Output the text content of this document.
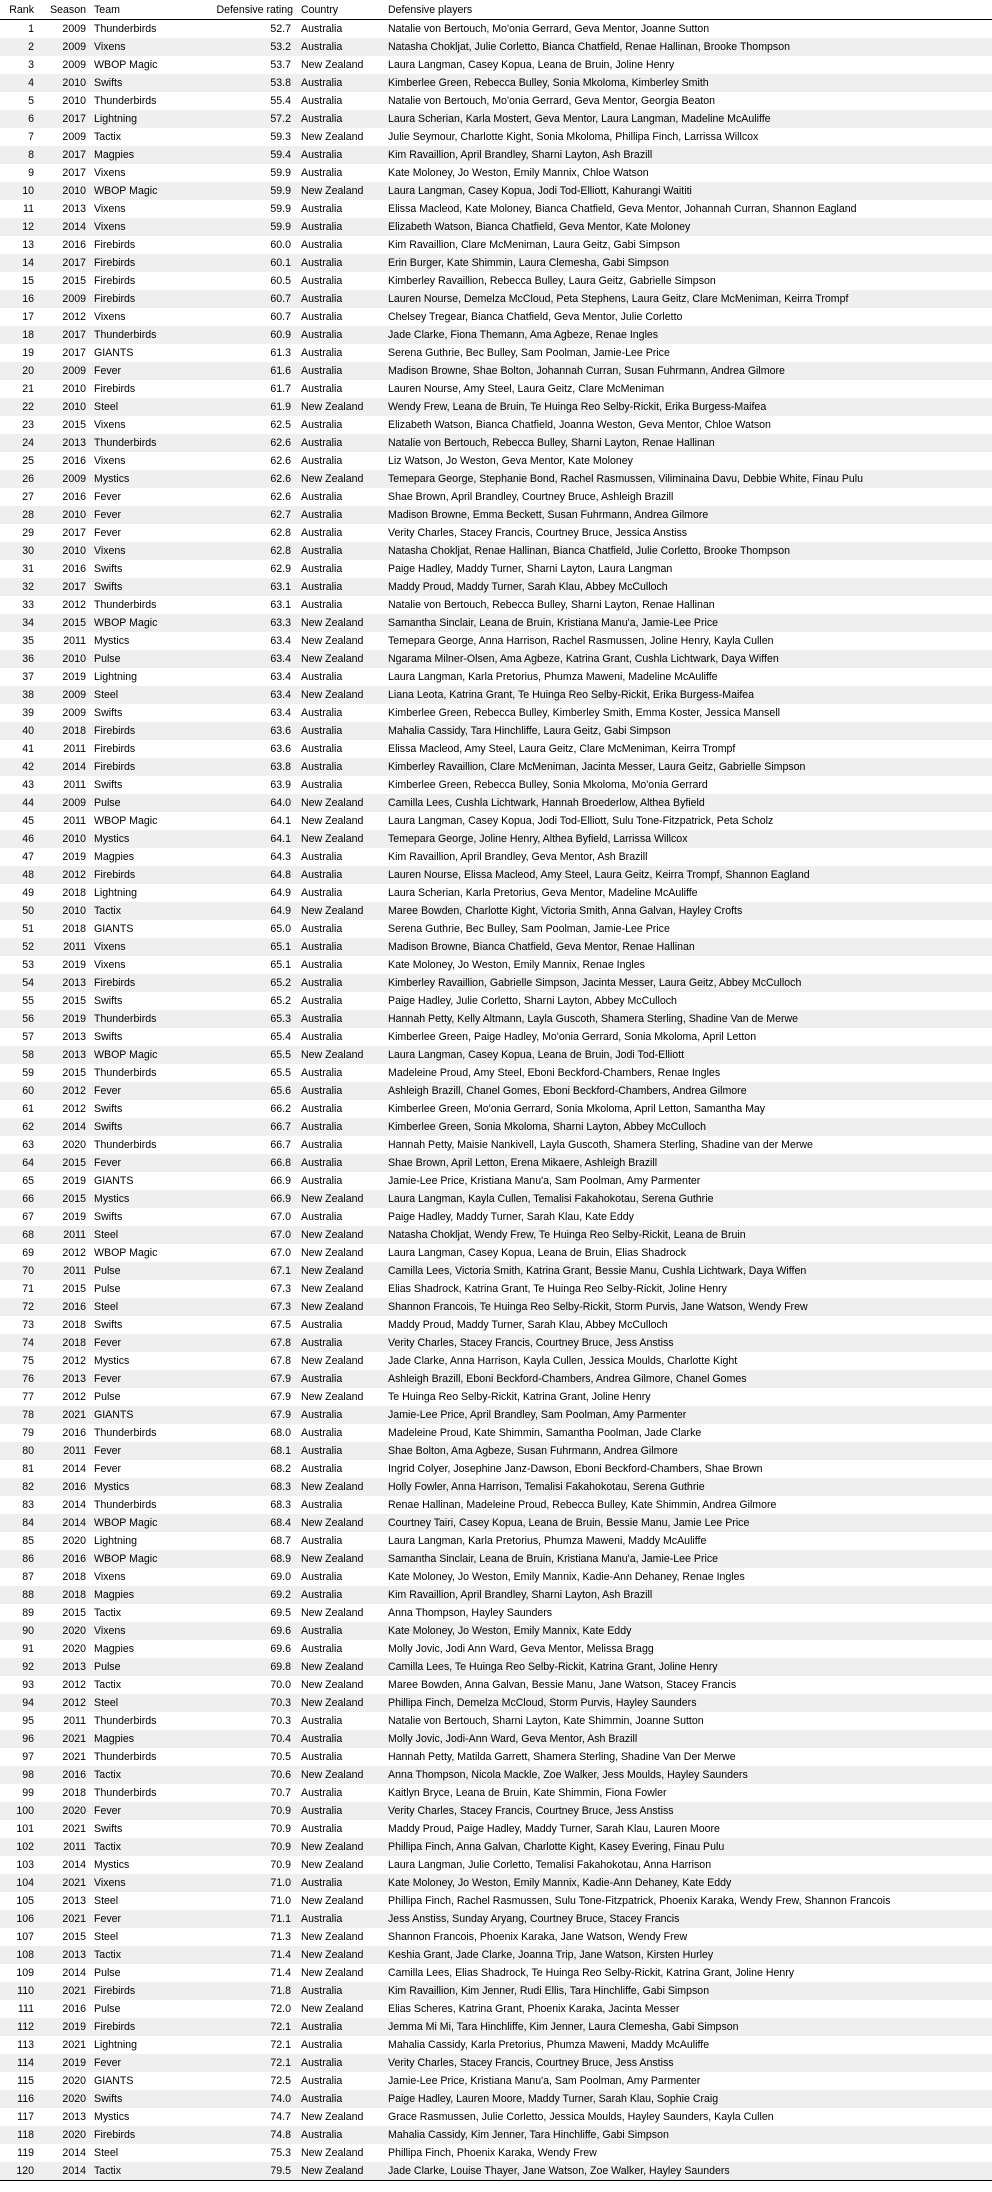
Rank	Season	Team	Defensive rating	Country	Defensive players
1	2009	Thunderbirds	52.7	Australia	Natalie von Bertouch, Mo'onia Gerrard, Geva Mentor, Joanne Sutton
2	2009	Vixens	53.2	Australia	Natasha Chokljat, Julie Corletto, Bianca Chatfield, Renae Hallinan, Brooke Thompson
3	2009	WBOP Magic	53.7	New Zealand	Laura Langman, Casey Kopua, Leana de Bruin, Joline Henry
4	2010	Swifts	53.8	Australia	Kimberlee Green, Rebecca Bulley, Sonia Mkoloma, Kimberley Smith
5	2010	Thunderbirds	55.4	Australia	Natalie von Bertouch, Mo'onia Gerrard, Geva Mentor, Georgia Beaton
6	2017	Lightning	57.2	Australia	Laura Scherian, Karla Mostert, Geva Mentor, Laura Langman, Madeline McAuliffe
7	2009	Tactix	59.3	New Zealand	Julie Seymour, Charlotte Kight, Sonia Mkoloma, Phillipa Finch, Larrissa Willcox
8	2017	Magpies	59.4	Australia	Kim Ravaillion, April Brandley, Sharni Layton, Ash Brazill
9	2017	Vixens	59.9	Australia	Kate Moloney, Jo Weston, Emily Mannix, Chloe Watson
10	2010	WBOP Magic	59.9	New Zealand	Laura Langman, Casey Kopua, Jodi Tod-Elliott, Kahurangi Waititi
11	2013	Vixens	59.9	Australia	Elissa Macleod, Kate Moloney, Bianca Chatfield, Geva Mentor, Johannah Curran, Shannon Eagland
12	2014	Vixens	59.9	Australia	Elizabeth Watson, Bianca Chatfield, Geva Mentor, Kate Moloney
13	2016	Firebirds	60.0	Australia	Kim Ravaillion, Clare McMeniman, Laura Geitz, Gabi Simpson
14	2017	Firebirds	60.1	Australia	Erin Burger, Kate Shimmin, Laura Clemesha, Gabi Simpson
15	2015	Firebirds	60.5	Australia	Kimberley Ravaillion, Rebecca Bulley, Laura Geitz, Gabrielle Simpson
16	2009	Firebirds	60.7	Australia	Lauren Nourse, Demelza McCloud, Peta Stephens, Laura Geitz, Clare McMeniman, Keirra Trompf
17	2012	Vixens	60.7	Australia	Chelsey Tregear, Bianca Chatfield, Geva Mentor, Julie Corletto
18	2017	Thunderbirds	60.9	Australia	Jade Clarke, Fiona Themann, Ama Agbeze, Renae Ingles
19	2017	GIANTS	61.3	Australia	Serena Guthrie, Bec Bulley, Sam Poolman, Jamie-Lee Price
20	2009	Fever	61.6	Australia	Madison Browne, Shae Bolton, Johannah Curran, Susan Fuhrmann, Andrea Gilmore
21	2010	Firebirds	61.7	Australia	Lauren Nourse, Amy Steel, Laura Geitz, Clare McMeniman
22	2010	Steel	61.9	New Zealand	Wendy Frew, Leana de Bruin, Te Huinga Reo Selby-Rickit, Erika Burgess-Maifea
23	2015	Vixens	62.5	Australia	Elizabeth Watson, Bianca Chatfield, Joanna Weston, Geva Mentor, Chloe Watson
24	2013	Thunderbirds	62.6	Australia	Natalie von Bertouch, Rebecca Bulley, Sharni Layton, Renae Hallinan
25	2016	Vixens	62.6	Australia	Liz Watson, Jo Weston, Geva Mentor, Kate Moloney
26	2009	Mystics	62.6	New Zealand	Temepara George, Stephanie Bond, Rachel Rasmussen, Viliminaina Davu, Debbie White, Finau Pulu
27	2016	Fever	62.6	Australia	Shae Brown, April Brandley, Courtney Bruce, Ashleigh Brazill
28	2010	Fever	62.7	Australia	Madison Browne, Emma Beckett, Susan Fuhrmann, Andrea Gilmore
29	2017	Fever	62.8	Australia	Verity Charles, Stacey Francis, Courtney Bruce, Jessica Anstiss
30	2010	Vixens	62.8	Australia	Natasha Chokljat, Renae Hallinan, Bianca Chatfield, Julie Corletto, Brooke Thompson
31	2016	Swifts	62.9	Australia	Paige Hadley, Maddy Turner, Sharni Layton, Laura Langman
32	2017	Swifts	63.1	Australia	Maddy Proud, Maddy Turner, Sarah Klau, Abbey McCulloch
33	2012	Thunderbirds	63.1	Australia	Natalie von Bertouch, Rebecca Bulley, Sharni Layton, Renae Hallinan
34	2015	WBOP Magic	63.3	New Zealand	Samantha Sinclair, Leana de Bruin, Kristiana Manu'a, Jamie-Lee Price
35	2011	Mystics	63.4	New Zealand	Temepara George, Anna Harrison, Rachel Rasmussen, Joline Henry, Kayla Cullen
36	2010	Pulse	63.4	New Zealand	Ngarama Milner-Olsen, Ama Agbeze, Katrina Grant, Cushla Lichtwark, Daya Wiffen
37	2019	Lightning	63.4	Australia	Laura Langman, Karla Pretorius, Phumza Maweni, Madeline McAuliffe
38	2009	Steel	63.4	New Zealand	Liana Leota, Katrina Grant, Te Huinga Reo Selby-Rickit, Erika Burgess-Maifea
39	2009	Swifts	63.4	Australia	Kimberlee Green, Rebecca Bulley, Kimberley Smith, Emma Koster, Jessica Mansell
40	2018	Firebirds	63.6	Australia	Mahalia Cassidy, Tara Hinchliffe, Laura Geitz, Gabi Simpson
41	2011	Firebirds	63.6	Australia	Elissa Macleod, Amy Steel, Laura Geitz, Clare McMeniman, Keirra Trompf
42	2014	Firebirds	63.8	Australia	Kimberley Ravaillion, Clare McMeniman, Jacinta Messer, Laura Geitz, Gabrielle Simpson
43	2011	Swifts	63.9	Australia	Kimberlee Green, Rebecca Bulley, Sonia Mkoloma, Mo'onia Gerrard
44	2009	Pulse	64.0	New Zealand	Camilla Lees, Cushla Lichtwark, Hannah Broederlow, Althea Byfield
45	2011	WBOP Magic	64.1	New Zealand	Laura Langman, Casey Kopua, Jodi Tod-Elliott, Sulu Tone-Fitzpatrick, Peta Scholz
46	2010	Mystics	64.1	New Zealand	Temepara George, Joline Henry, Althea Byfield, Larrissa Willcox
47	2019	Magpies	64.3	Australia	Kim Ravaillion, April Brandley, Geva Mentor, Ash Brazill
48	2012	Firebirds	64.8	Australia	Lauren Nourse, Elissa Macleod, Amy Steel, Laura Geitz, Keirra Trompf, Shannon Eagland
49	2018	Lightning	64.9	Australia	Laura Scherian, Karla Pretorius, Geva Mentor, Madeline McAuliffe
50	2010	Tactix	64.9	New Zealand	Maree Bowden, Charlotte Kight, Victoria Smith, Anna Galvan, Hayley Crofts
51	2018	GIANTS	65.0	Australia	Serena Guthrie, Bec Bulley, Sam Poolman, Jamie-Lee Price
52	2011	Vixens	65.1	Australia	Madison Browne, Bianca Chatfield, Geva Mentor, Renae Hallinan
53	2019	Vixens	65.1	Australia	Kate Moloney, Jo Weston, Emily Mannix, Renae Ingles
54	2013	Firebirds	65.2	Australia	Kimberley Ravaillion, Gabrielle Simpson, Jacinta Messer, Laura Geitz, Abbey McCulloch
55	2015	Swifts	65.2	Australia	Paige Hadley, Julie Corletto, Sharni Layton, Abbey McCulloch
56	2019	Thunderbirds	65.3	Australia	Hannah Petty, Kelly Altmann, Layla Guscoth, Shamera Sterling, Shadine Van de Merwe
57	2013	Swifts	65.4	Australia	Kimberlee Green, Paige Hadley, Mo'onia Gerrard, Sonia Mkoloma, April Letton
58	2013	WBOP Magic	65.5	New Zealand	Laura Langman, Casey Kopua, Leana de Bruin, Jodi Tod-Elliott
59	2015	Thunderbirds	65.5	Australia	Madeleine Proud, Amy Steel, Eboni Beckford-Chambers, Renae Ingles
60	2012	Fever	65.6	Australia	Ashleigh Brazill, Chanel Gomes, Eboni Beckford-Chambers, Andrea Gilmore
61	2012	Swifts	66.2	Australia	Kimberlee Green, Mo'onia Gerrard, Sonia Mkoloma, April Letton, Samantha May
62	2014	Swifts	66.7	Australia	Kimberlee Green, Sonia Mkoloma, Sharni Layton, Abbey McCulloch
63	2020	Thunderbirds	66.7	Australia	Hannah Petty, Maisie Nankivell, Layla Guscoth, Shamera Sterling, Shadine van der Merwe
64	2015	Fever	66.8	Australia	Shae Brown, April Letton, Erena Mikaere, Ashleigh Brazill
65	2019	GIANTS	66.9	Australia	Jamie-Lee Price, Kristiana Manu'a, Sam Poolman, Amy Parmenter
66	2015	Mystics	66.9	New Zealand	Laura Langman, Kayla Cullen, Temalisi Fakahokotau, Serena Guthrie
67	2019	Swifts	67.0	Australia	Paige Hadley, Maddy Turner, Sarah Klau, Kate Eddy
68	2011	Steel	67.0	New Zealand	Natasha Chokljat, Wendy Frew, Te Huinga Reo Selby-Rickit, Leana de Bruin
69	2012	WBOP Magic	67.0	New Zealand	Laura Langman, Casey Kopua, Leana de Bruin, Elias Shadrock
70	2011	Pulse	67.1	New Zealand	Camilla Lees, Victoria Smith, Katrina Grant, Bessie Manu, Cushla Lichtwark, Daya Wiffen
71	2015	Pulse	67.3	New Zealand	Elias Shadrock, Katrina Grant, Te Huinga Reo Selby-Rickit, Joline Henry
72	2016	Steel	67.3	New Zealand	Shannon Francois, Te Huinga Reo Selby-Rickit, Storm Purvis, Jane Watson, Wendy Frew
73	2018	Swifts	67.5	Australia	Maddy Proud, Maddy Turner, Sarah Klau, Abbey McCulloch
74	2018	Fever	67.8	Australia	Verity Charles, Stacey Francis, Courtney Bruce, Jess Anstiss
75	2012	Mystics	67.8	New Zealand	Jade Clarke, Anna Harrison, Kayla Cullen, Jessica Moulds, Charlotte Kight
76	2013	Fever	67.9	Australia	Ashleigh Brazill, Eboni Beckford-Chambers, Andrea Gilmore, Chanel Gomes
77	2012	Pulse	67.9	New Zealand	Te Huinga Reo Selby-Rickit, Katrina Grant, Joline Henry
78	2021	GIANTS	67.9	Australia	Jamie-Lee Price, April Brandley, Sam Poolman, Amy Parmenter
79	2016	Thunderbirds	68.0	Australia	Madeleine Proud, Kate Shimmin, Samantha Poolman, Jade Clarke
80	2011	Fever	68.1	Australia	Shae Bolton, Ama Agbeze, Susan Fuhrmann, Andrea Gilmore
81	2014	Fever	68.2	Australia	Ingrid Colyer, Josephine Janz-Dawson, Eboni Beckford-Chambers, Shae Brown
82	2016	Mystics	68.3	New Zealand	Holly Fowler, Anna Harrison, Temalisi Fakahokotau, Serena Guthrie
83	2014	Thunderbirds	68.3	Australia	Renae Hallinan, Madeleine Proud, Rebecca Bulley, Kate Shimmin, Andrea Gilmore
84	2014	WBOP Magic	68.4	New Zealand	Courtney Tairi, Casey Kopua, Leana de Bruin, Bessie Manu, Jamie Lee Price
85	2020	Lightning	68.7	Australia	Laura Langman, Karla Pretorius, Phumza Maweni, Maddy McAuliffe
86	2016	WBOP Magic	68.9	New Zealand	Samantha Sinclair, Leana de Bruin, Kristiana Manu'a, Jamie-Lee Price
87	2018	Vixens	69.0	Australia	Kate Moloney, Jo Weston, Emily Mannix, Kadie-Ann Dehaney, Renae Ingles
88	2018	Magpies	69.2	Australia	Kim Ravaillion, April Brandley, Sharni Layton, Ash Brazill
89	2015	Tactix	69.5	New Zealand	Anna Thompson, Hayley Saunders
90	2020	Vixens	69.6	Australia	Kate Moloney, Jo Weston, Emily Mannix, Kate Eddy
91	2020	Magpies	69.6	Australia	Molly Jovic, Jodi Ann Ward, Geva Mentor, Melissa Bragg
92	2013	Pulse	69.8	New Zealand	Camilla Lees, Te Huinga Reo Selby-Rickit, Katrina Grant, Joline Henry
93	2012	Tactix	70.0	New Zealand	Maree Bowden, Anna Galvan, Bessie Manu, Jane Watson, Stacey Francis
94	2012	Steel	70.3	New Zealand	Phillipa Finch, Demelza McCloud, Storm Purvis, Hayley Saunders
95	2011	Thunderbirds	70.3	Australia	Natalie von Bertouch, Sharni Layton, Kate Shimmin, Joanne Sutton
96	2021	Magpies	70.4	Australia	Molly Jovic, Jodi-Ann Ward, Geva Mentor, Ash Brazill
97	2021	Thunderbirds	70.5	Australia	Hannah Petty, Matilda Garrett, Shamera Sterling, Shadine Van Der Merwe
98	2016	Tactix	70.6	New Zealand	Anna Thompson, Nicola Mackle, Zoe Walker, Jess Moulds, Hayley Saunders
99	2018	Thunderbirds	70.7	Australia	Kaitlyn Bryce, Leana de Bruin, Kate Shimmin, Fiona Fowler
100	2020	Fever	70.9	Australia	Verity Charles, Stacey Francis, Courtney Bruce, Jess Anstiss
101	2021	Swifts	70.9	Australia	Maddy Proud, Paige Hadley, Maddy Turner, Sarah Klau, Lauren Moore
102	2011	Tactix	70.9	New Zealand	Phillipa Finch, Anna Galvan, Charlotte Kight, Kasey Evering, Finau Pulu
103	2014	Mystics	70.9	New Zealand	Laura Langman, Julie Corletto, Temalisi Fakahokotau, Anna Harrison
104	2021	Vixens	71.0	Australia	Kate Moloney, Jo Weston, Emily Mannix, Kadie-Ann Dehaney, Kate Eddy
105	2013	Steel	71.0	New Zealand	Phillipa Finch, Rachel Rasmussen, Sulu Tone-Fitzpatrick, Phoenix Karaka, Wendy Frew, Shannon Francois
106	2021	Fever	71.1	Australia	Jess Anstiss, Sunday Aryang, Courtney Bruce, Stacey Francis
107	2015	Steel	71.3	New Zealand	Shannon Francois, Phoenix Karaka, Jane Watson, Wendy Frew
108	2013	Tactix	71.4	New Zealand	Keshia Grant, Jade Clarke, Joanna Trip, Jane Watson, Kirsten Hurley
109	2014	Pulse	71.4	New Zealand	Camilla Lees, Elias Shadrock, Te Huinga Reo Selby-Rickit, Katrina Grant, Joline Henry
110	2021	Firebirds	71.8	Australia	Kim Ravaillion, Kim Jenner, Rudi Ellis, Tara Hinchliffe, Gabi Simpson
111	2016	Pulse	72.0	New Zealand	Elias Scheres, Katrina Grant, Phoenix Karaka, Jacinta Messer
112	2019	Firebirds	72.1	Australia	Jemma Mi Mi, Tara Hinchliffe, Kim Jenner, Laura Clemesha, Gabi Simpson
113	2021	Lightning	72.1	Australia	Mahalia Cassidy, Karla Pretorius, Phumza Maweni, Maddy McAuliffe
114	2019	Fever	72.1	Australia	Verity Charles, Stacey Francis, Courtney Bruce, Jess Anstiss
115	2020	GIANTS	72.5	Australia	Jamie-Lee Price, Kristiana Manu'a, Sam Poolman, Amy Parmenter
116	2020	Swifts	74.0	Australia	Paige Hadley, Lauren Moore, Maddy Turner, Sarah Klau, Sophie Craig
117	2013	Mystics	74.7	New Zealand	Grace Rasmussen, Julie Corletto, Jessica Moulds, Hayley Saunders, Kayla Cullen
118	2020	Firebirds	74.8	Australia	Mahalia Cassidy, Kim Jenner, Tara Hinchliffe, Gabi Simpson
119	2014	Steel	75.3	New Zealand	Phillipa Finch, Phoenix Karaka, Wendy Frew
120	2014	Tactix	79.5	New Zealand	Jade Clarke, Louise Thayer, Jane Watson, Zoe Walker, Hayley Saunders
